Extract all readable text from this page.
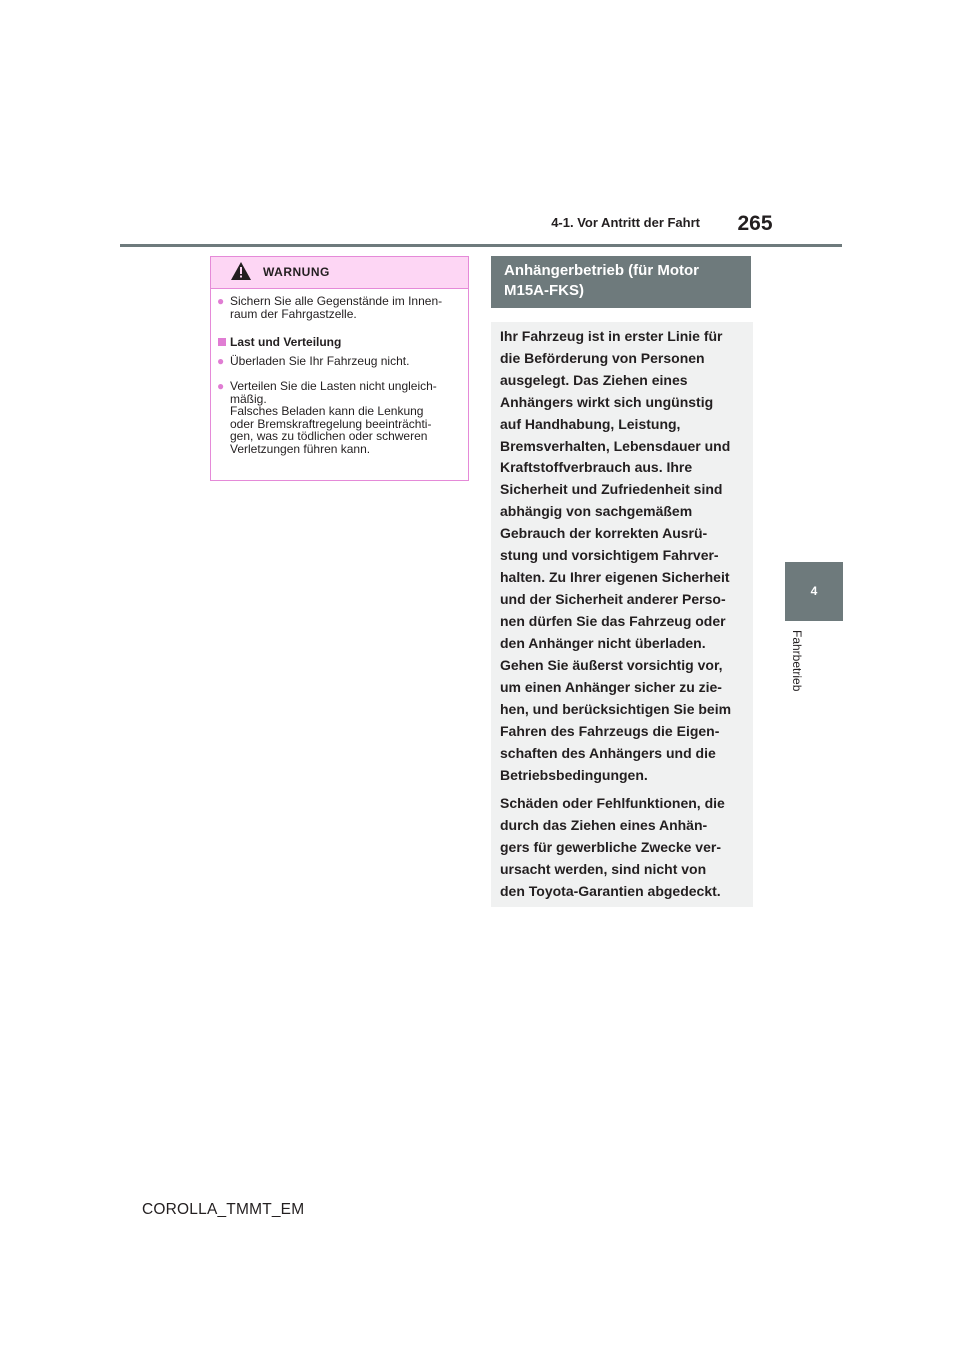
4-1. Vor Antritt der Fahrt	265
4
Fahrbetrieb
WARNUNG
● Sichern Sie alle Gegenstände im Innen-
raum der Fahrgastzelle.
Last und Verteilung
● Überladen Sie Ihr Fahrzeug nicht.
● Verteilen Sie die Lasten nicht ungleich-
mäßig.
Falsches Beladen kann die Lenkung
oder Bremskraftregelung beeinträchti-
gen, was zu tödlichen oder schweren
Verletzungen führen kann.
Anhängerbetrieb (für Motor
M15A-FKS)
Ihr Fahrzeug ist in erster Linie für
die Beförderung von Personen
ausgelegt. Das Ziehen eines
Anhängers wirkt sich ungünstig
auf Handhabung, Leistung,
Bremsverhalten, Lebensdauer und
Kraftstoffverbrauch aus. Ihre
Sicherheit und Zufriedenheit sind
abhängig von sachgemäßem
Gebrauch der korrekten Ausrü-
stung und vorsichtigem Fahrver-
halten. Zu Ihrer eigenen Sicherheit
und der Sicherheit anderer Perso-
nen dürfen Sie das Fahrzeug oder
den Anhänger nicht überladen.
Gehen Sie äußerst vorsichtig vor,
um einen Anhänger sicher zu zie-
hen, und berücksichtigen Sie beim
Fahren des Fahrzeugs die Eigen-
schaften des Anhängers und die
Betriebsbedingungen.
Schäden oder Fehlfunktionen, die
durch das Ziehen eines Anhän-
gers für gewerbliche Zwecke ver-
ursacht werden, sind nicht von
den Toyota-Garantien abgedeckt.
COROLLA_TMMT_EM
